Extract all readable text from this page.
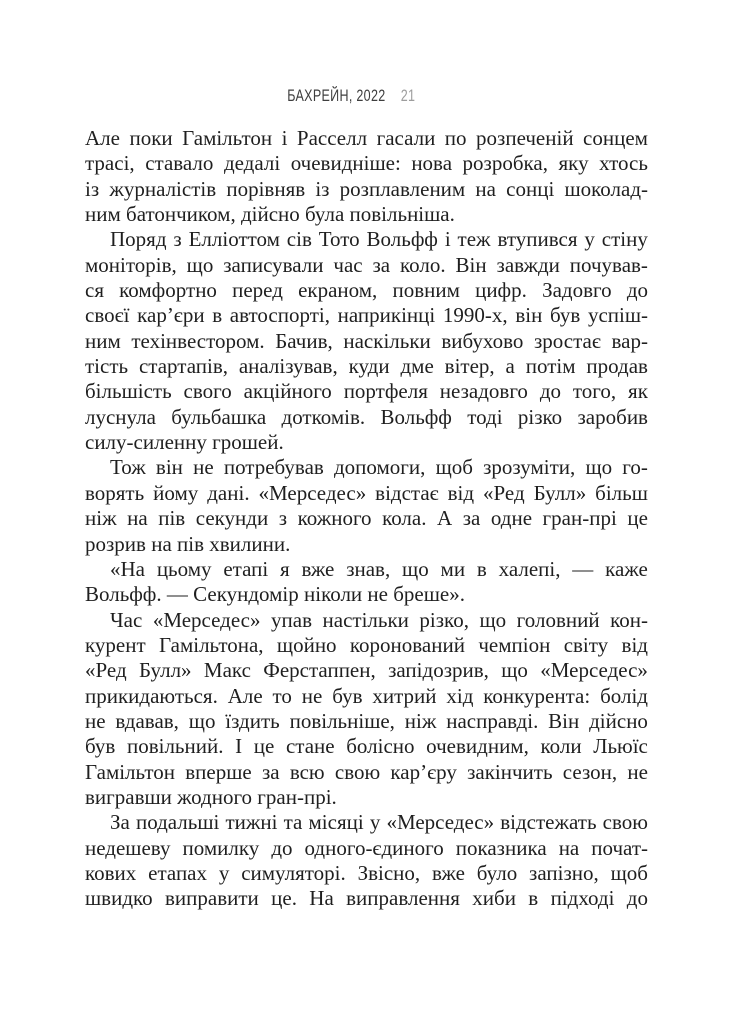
БАХРЕЙН, 2022 21
Але поки Гамільтон і Расселл гасали по розпеченій сонцем
трасі, ставало дедалі очевидніше: нова розробка, яку хтось
із журналістів порівняв із розплавленим на сонці шоколад-
ним батончиком, дійсно була повільніша.
Поряд з Елліоттом сів Тото Вольфф і теж втупився у стіну
моніторів, що записували час за коло. Він завжди почував-
ся комфортно перед екраном, повним цифр. Задовго до
своєї кар’єри в автоспорті, наприкінці 1990-х, він був успіш-
ним техінвестором. Бачив, наскільки вибухово зростає вар-
тість стартапів, аналізував, куди дме вітер, а потім продав
більшість свого акційного портфеля незадовго до того, як
луснула бульбашка доткомів. Вольфф тоді різко заробив
силу-силенну грошей.
Тож він не потребував допомоги, щоб зрозуміти, що го-
ворять йому дані. «Мерседес» відстає від «Ред Булл» більш
ніж на пів секунди з кожного кола. А за одне гран-прі це
розрив на пів хвилини.
«На цьому етапі я вже знав, що ми в халепі, — каже
Вольфф. — Секундомір ніколи не бреше».
Час «Мерседес» упав настільки різко, що головний кон-
курент Гамільтона, щойно коронований чемпіон світу від
«Ред Булл» Макс Ферстаппен, запідозрив, що «Мерседес»
прикидаються. Але то не був хитрий хід конкурента: болід
не вдавав, що їздить повільніше, ніж насправді. Він дійсно
був повільний. І це стане болісно очевидним, коли Льюїс
Гамільтон вперше за всю свою кар’єру закінчить сезон, не
вигравши жодного гран-прі.
За подальші тижні та місяці у «Мерседес» відстежать свою
недешеву помилку до одного-єдиного показника на почат-
кових етапах у симуляторі. Звісно, вже було запізно, щоб
швидко виправити це. На виправлення хиби в підході до
